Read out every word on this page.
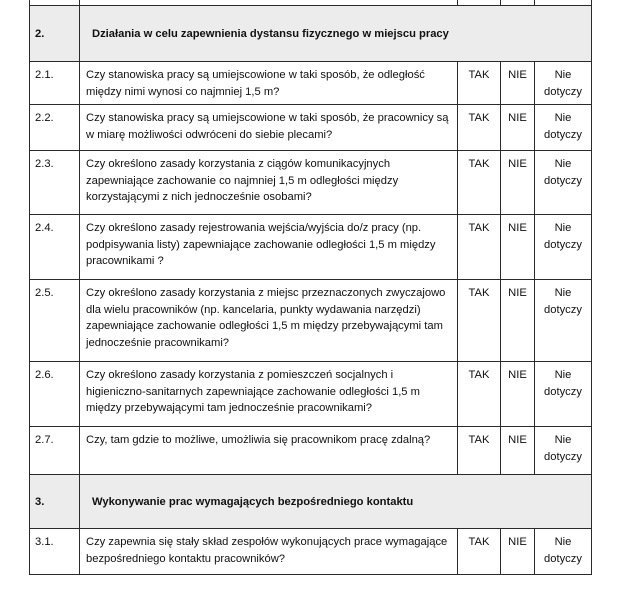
2.	Działania w celu zapewnienia dystansu fizycznego w miejscu pracy			
2.1.	Czy stanowiska pracy są umiejscowione w taki sposób, że odległość między nimi wynosi co najmniej 1,5 m?	TAK	NIE	Nie dotyczy
2.2.	Czy stanowiska pracy są umiejscowione w taki sposób, że pracownicy są w miarę możliwości odwróceni do siebie plecami?	TAK	NIE	Nie dotyczy
2.3.	Czy określono zasady korzystania z ciągów komunikacyjnych zapewniające zachowanie co najmniej 1,5 m odległości między korzystającymi z nich jednocześnie osobami?	TAK	NIE	Nie dotyczy
2.4.	Czy określono zasady rejestrowania wejścia/wyjścia do/z pracy (np. podpisywania listy) zapewniające zachowanie odległości 1,5 m między pracownikami ?	TAK	NIE	Nie dotyczy
2.5.	Czy określono zasady korzystania z miejsc przeznaczonych zwyczajowo dla wielu pracowników (np. kancelaria, punkty wydawania narzędzi) zapewniające zachowanie odległości 1,5 m między przebywającymi tam jednocześnie pracownikami?	TAK	NIE	Nie dotyczy
2.6.	Czy określono zasady korzystania z pomieszczeń socjalnych i higieniczno-sanitarnych zapewniające zachowanie odległości 1,5 m między przebywającymi tam jednocześnie pracownikami?	TAK	NIE	Nie dotyczy
2.7.	Czy, tam gdzie to możliwe, umożliwia się pracownikom pracę zdalną?	TAK	NIE	Nie dotyczy
3.	Wykonywanie prac wymagających bezpośredniego kontaktu			
3.1.	Czy zapewnia się stały skład zespołów wykonujących prace wymagające bezpośredniego kontaktu pracowników?	TAK	NIE	Nie dotyczy
